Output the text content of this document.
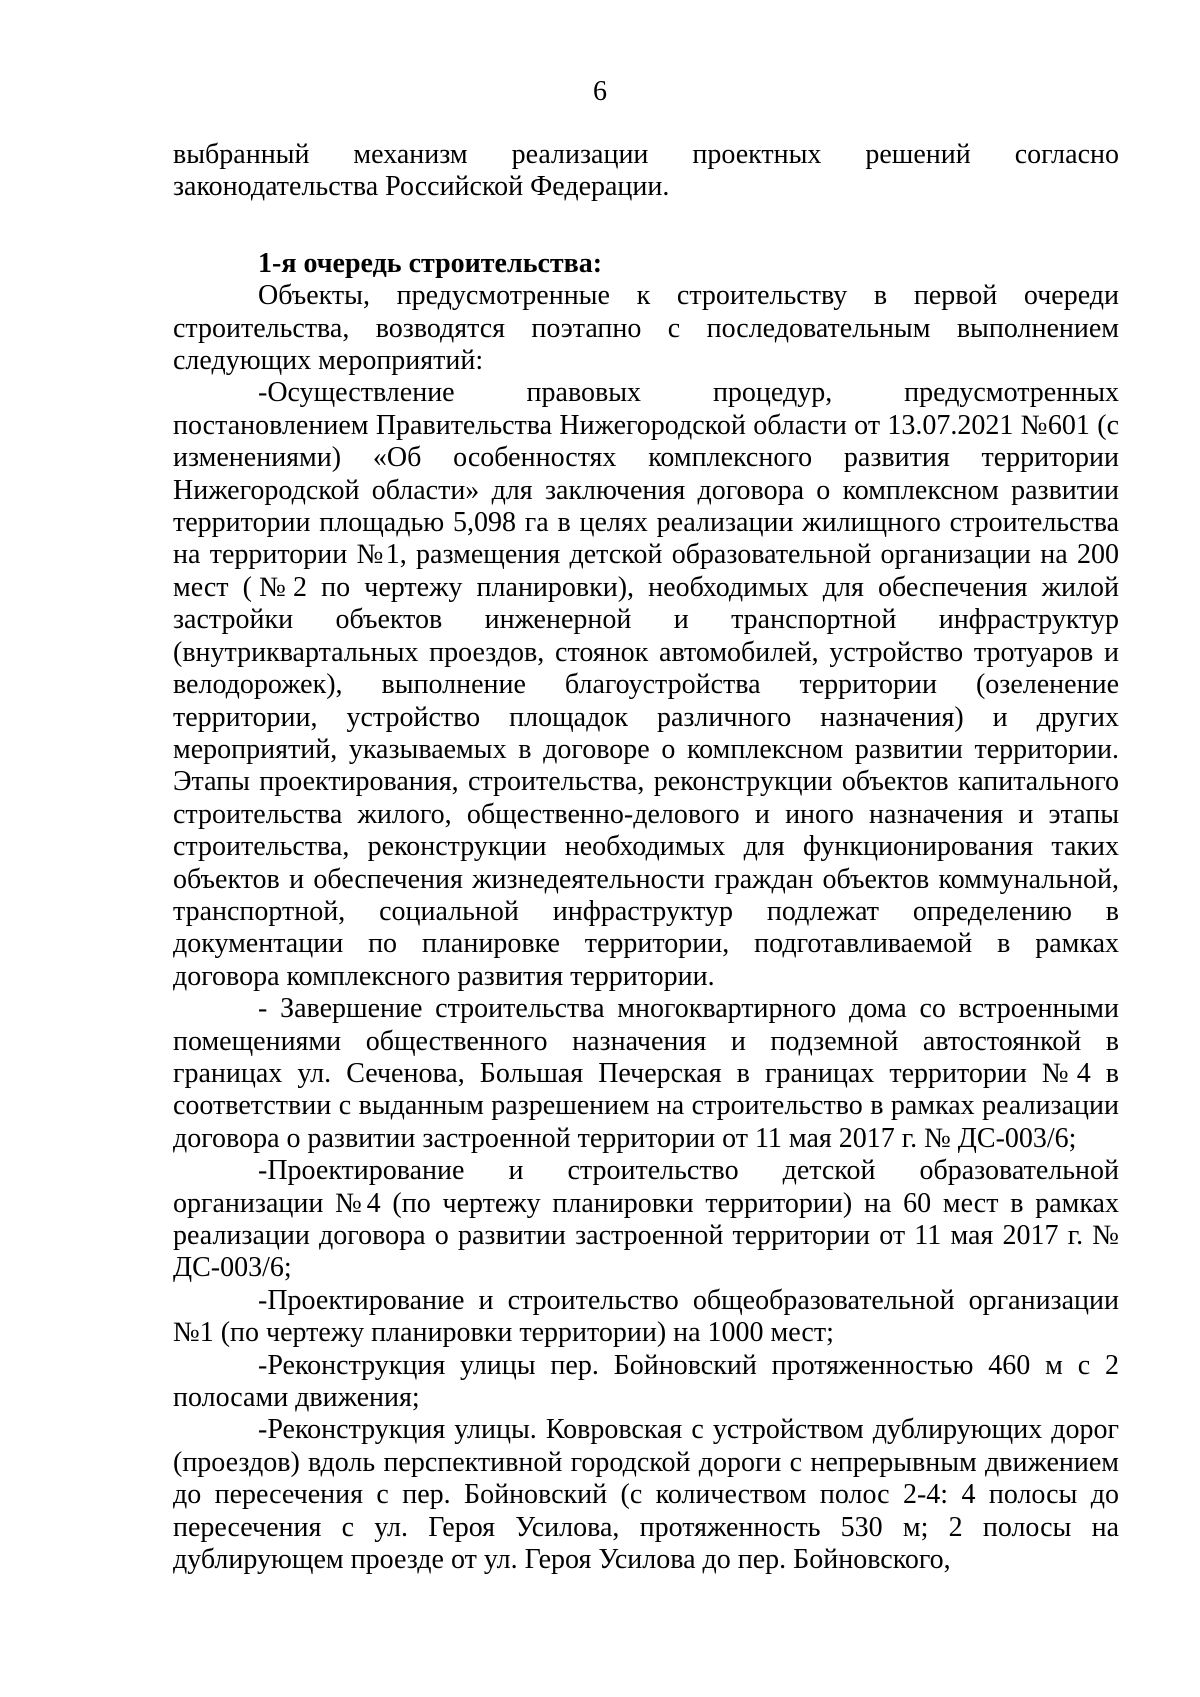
6

выбранный механизм реализации проектных решений согласно законодательства Российской Федерации.

1-я очередь строительства:

Объекты, предусмотренные к строительству в первой очереди строительства, возводятся поэтапно с последовательным выполнением следующих мероприятий:

-Осуществление правовых процедур, предусмотренных постановлением Правительства Нижегородской области от 13.07.2021 №601 (с изменениями) «Об особенностях комплексного развития территории Нижегородской области» для заключения договора о комплексном развитии территории площадью 5,098 га в целях реализации жилищного строительства на территории №1, размещения детской образовательной организации на 200 мест (№2 по чертежу планировки), необходимых для обеспечения жилой застройки объектов инженерной и транспортной инфраструктур (внутриквартальных проездов, стоянок автомобилей, устройство тротуаров и велодорожек), выполнение благоустройства территории (озеленение территории, устройство площадок различного назначения) и других мероприятий, указываемых в договоре о комплексном развитии территории. Этапы проектирования, строительства, реконструкции объектов капитального строительства жилого, общественно-делового и иного назначения и этапы строительства, реконструкции необходимых для функционирования таких объектов и обеспечения жизнедеятельности граждан объектов коммунальной, транспортной, социальной инфраструктур подлежат определению в документации по планировке территории, подготавливаемой в рамках договора комплексного развития территории.

- Завершение строительства многоквартирного дома со встроенными помещениями общественного назначения и подземной автостоянкой в границах ул. Сеченова, Большая Печерская в границах территории №4 в соответствии с выданным разрешением на строительство в рамках реализации договора о развитии застроенной территории от 11 мая 2017 г. № ДС-003/6;

-Проектирование и строительство детской образовательной организации №4 (по чертежу планировки территории) на 60 мест в рамках реализации договора о развитии застроенной территории от 11 мая 2017 г. № ДС-003/6;

-Проектирование и строительство общеобразовательной организации №1 (по чертежу планировки территории) на 1000 мест;

-Реконструкция улицы пер. Бойновский протяженностью 460 м с 2 полосами движения;

-Реконструкция улицы. Ковровская с устройством дублирующих дорог (проездов) вдоль перспективной городской дороги с непрерывным движением до пересечения с пер. Бойновский (с количеством полос 2-4: 4 полосы до пересечения с ул. Героя Усилова, протяженность 530 м; 2 полосы на дублирующем проезде от ул. Героя Усилова до пер. Бойновского,
